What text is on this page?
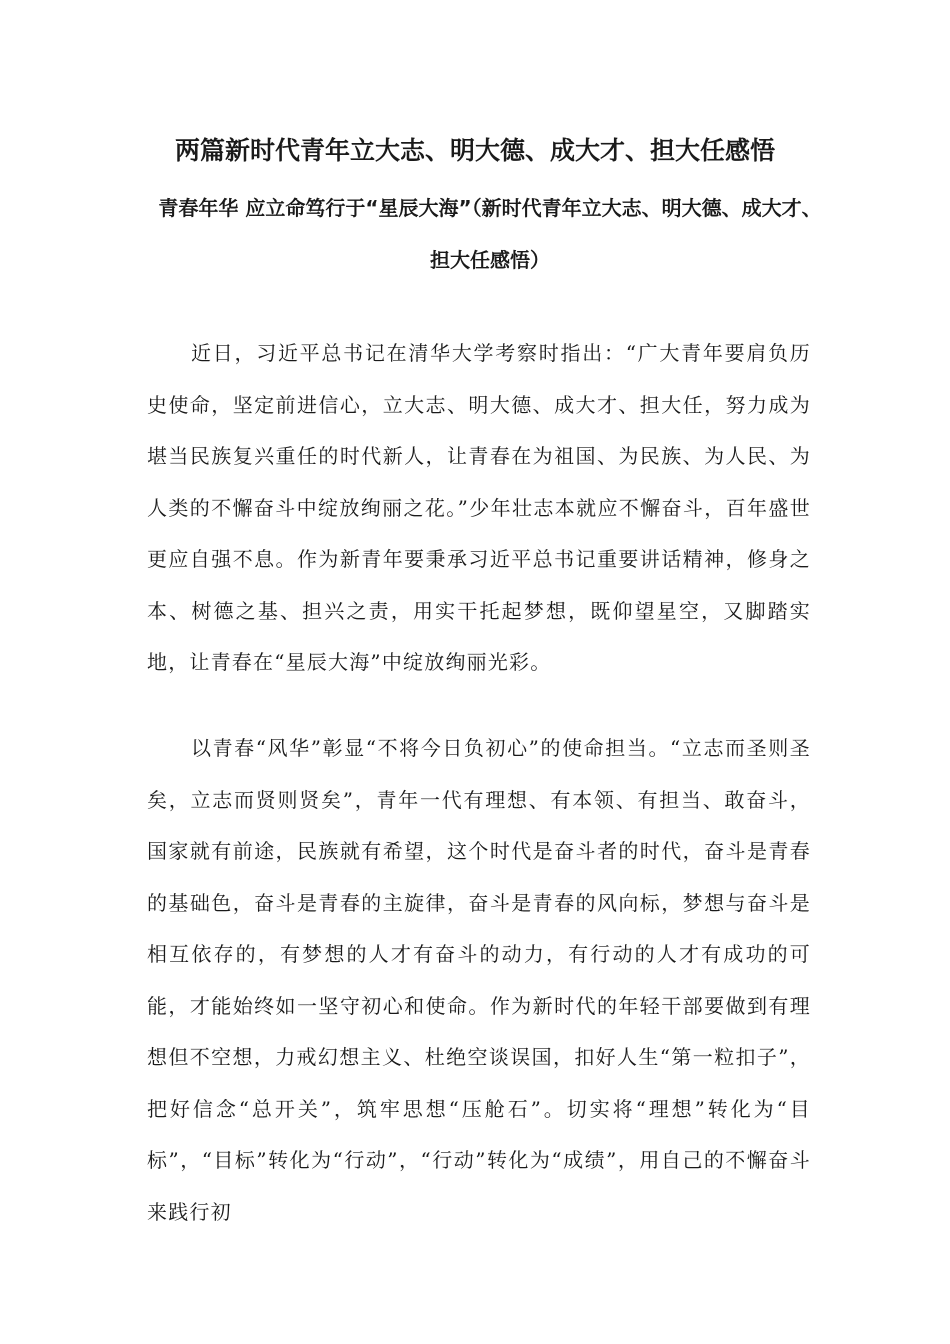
两篇新时代青年立大志、明大德、成大才、担大任感悟
青春年华 应立命笃行于“星辰大海”（新时代青年立大志、明大德、成大才、担大任感悟）

近日，习近平总书记在清华大学考察时指出：“广大青年要肩负历史使命，坚定前进信心，立大志、明大德、成大才、担大任，努力成为堪当民族复兴重任的时代新人，让青春在为祖国、为民族、为人民、为人类的不懈奋斗中绽放绚丽之花。”少年壮志本就应不懈奋斗，百年盛世更应自强不息。作为新青年要秉承习近平总书记重要讲话精神，修身之本、树德之基、担兴之责，用实干托起梦想，既仰望星空，又脚踏实地，让青春在“星辰大海”中绽放绚丽光彩。

以青春“风华”彰显“不将今日负初心”的使命担当。“立志而圣则圣矣，立志而贤则贤矣”，青年一代有理想、有本领、有担当、敢奋斗，国家就有前途，民族就有希望，这个时代是奋斗者的时代，奋斗是青春的基础色，奋斗是青春的主旋律，奋斗是青春的风向标，梦想与奋斗是相互依存的，有梦想的人才有奋斗的动力，有行动的人才有成功的可能，才能始终如一坚守初心和使命。作为新时代的年轻干部要做到有理想但不空想，力戒幻想主义、杜绝空谈误国，扣好人生“第一粒扣子”，把好信念“总开关”，筑牢思想“压舱石”。切实将“理想”转化为“目标”，“目标”转化为“行动”，“行动”转化为“成绩”，用自己的不懈奋斗来践行初
